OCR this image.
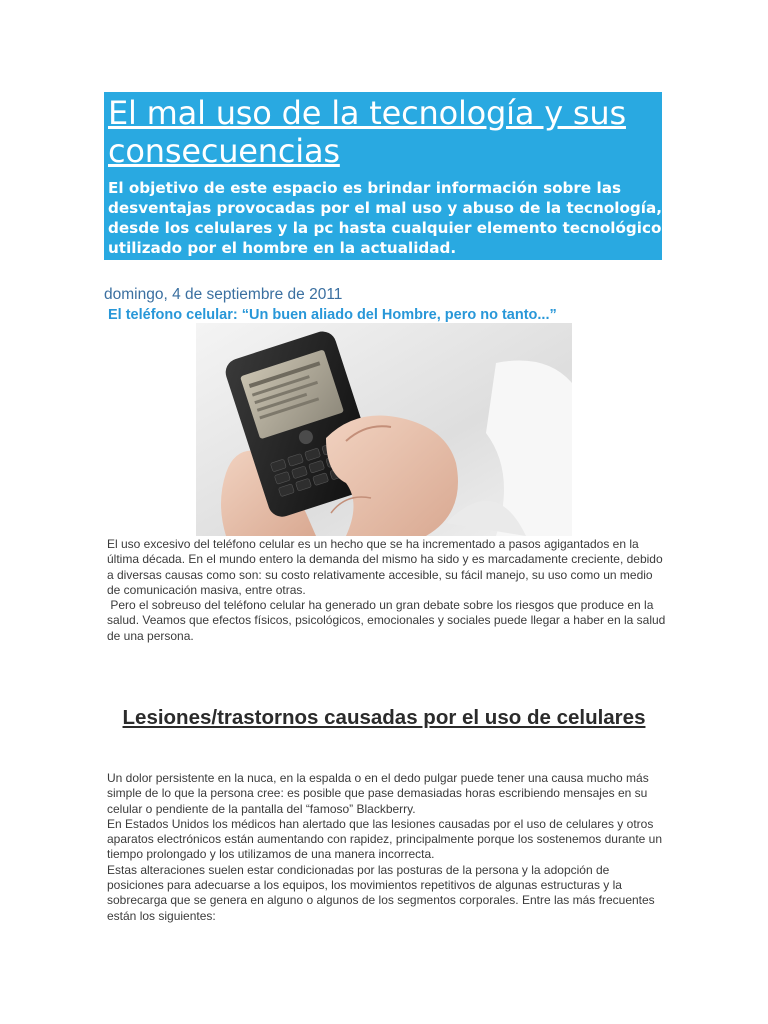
El mal uso de la tecnología y sus consecuencias

El objetivo de este espacio es brindar información sobre las desventajas provocadas por el mal uso y abuso de la tecnología, desde los celulares y la pc hasta cualquier elemento tecnológico utilizado por el hombre en la actualidad.

domingo, 4 de septiembre de 2011
El teléfono celular: “Un buen aliado del Hombre, pero no tanto...”

El uso excesivo del teléfono celular es un hecho que se ha incrementado a pasos agigantados en la última década. En el mundo entero la demanda del mismo ha sido y es marcadamente creciente, debido a diversas causas como son: su costo relativamente accesible, su fácil manejo, su uso como un medio de comunicación masiva, entre otras.

Pero el sobreuso del teléfono celular ha generado un gran debate sobre los riesgos que produce en la salud. Veamos que efectos físicos, psicológicos, emocionales y sociales puede llegar a haber en la salud de una persona.

Lesiones/trastornos causadas por el uso de celulares

Un dolor persistente en la nuca, en la espalda o en el dedo pulgar puede tener una causa mucho más simple de lo que la persona cree: es posible que pase demasiadas horas escribiendo mensajes en su celular o pendiente de la pantalla del “famoso” Blackberry.

En Estados Unidos los médicos han alertado que las lesiones causadas por el uso de celulares y otros aparatos electrónicos están aumentando con rapidez, principalmente porque los sostenemos durante un tiempo prolongado y los utilizamos de una manera incorrecta.

Estas alteraciones suelen estar condicionadas por las posturas de la persona y la adopción de posiciones para adecuarse a los equipos, los movimientos repetitivos de algunas estructuras y la sobrecarga que se genera en alguno o algunos de los segmentos corporales. Entre las más frecuentes están los siguientes:
